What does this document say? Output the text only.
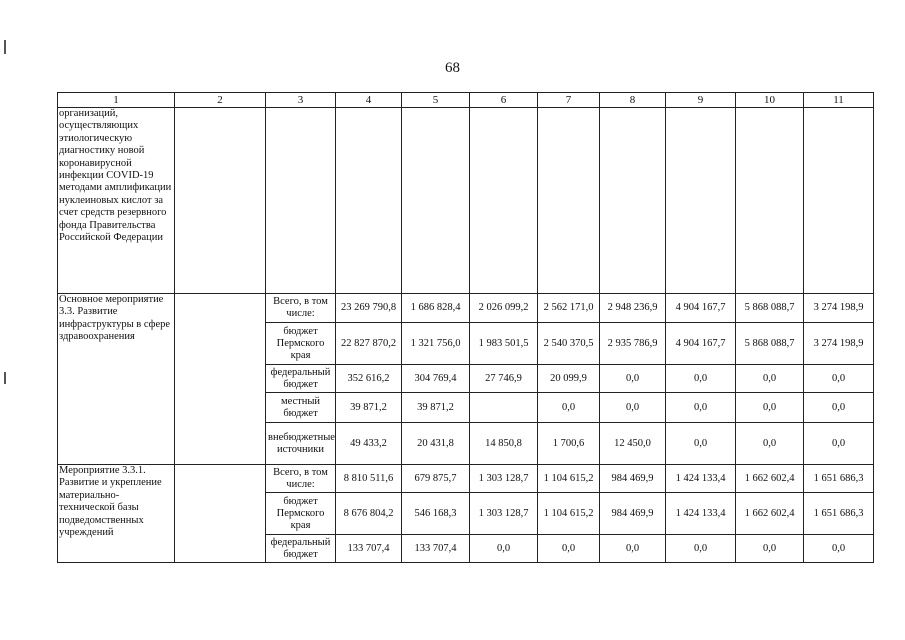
68
1	2	3	4	5	6	7	8	9	10	11
организаций, осуществляющих этиологическую диагностику новой коронавирусной инфекции COVID-19 методами амплификации нуклеиновых кислот за счет средств резервного фонда Правительства Российской Федерации										
Основное мероприятие 3.3. Развитие инфраструктуры в сфере здравоохранения		Всего, в том числе:	23 269 790,8	1 686 828,4	2 026 099,2	2 562 171,0	2 948 236,9	4 904 167,7	5 868 088,7	3 274 198,9
		бюджет Пермского края	22 827 870,2	1 321 756,0	1 983 501,5	2 540 370,5	2 935 786,9	4 904 167,7	5 868 088,7	3 274 198,9
		федеральный бюджет	352 616,2	304 769,4	27 746,9	20 099,9	0,0	0,0	0,0	0,0
		местный бюджет	39 871,2	39 871,2		0,0	0,0	0,0	0,0	0,0
		внебюджетные источники	49 433,2	20 431,8	14 850,8	1 700,6	12 450,0	0,0	0,0	0,0
Мероприятие 3.3.1. Развитие и укрепление материально-технической базы подведомственных учреждений		Всего, в том числе:	8 810 511,6	679 875,7	1 303 128,7	1 104 615,2	984 469,9	1 424 133,4	1 662 602,4	1 651 686,3
		бюджет Пермского края	8 676 804,2	546 168,3	1 303 128,7	1 104 615,2	984 469,9	1 424 133,4	1 662 602,4	1 651 686,3
		федеральный бюджет	133 707,4	133 707,4	0,0	0,0	0,0	0,0	0,0	0,0
